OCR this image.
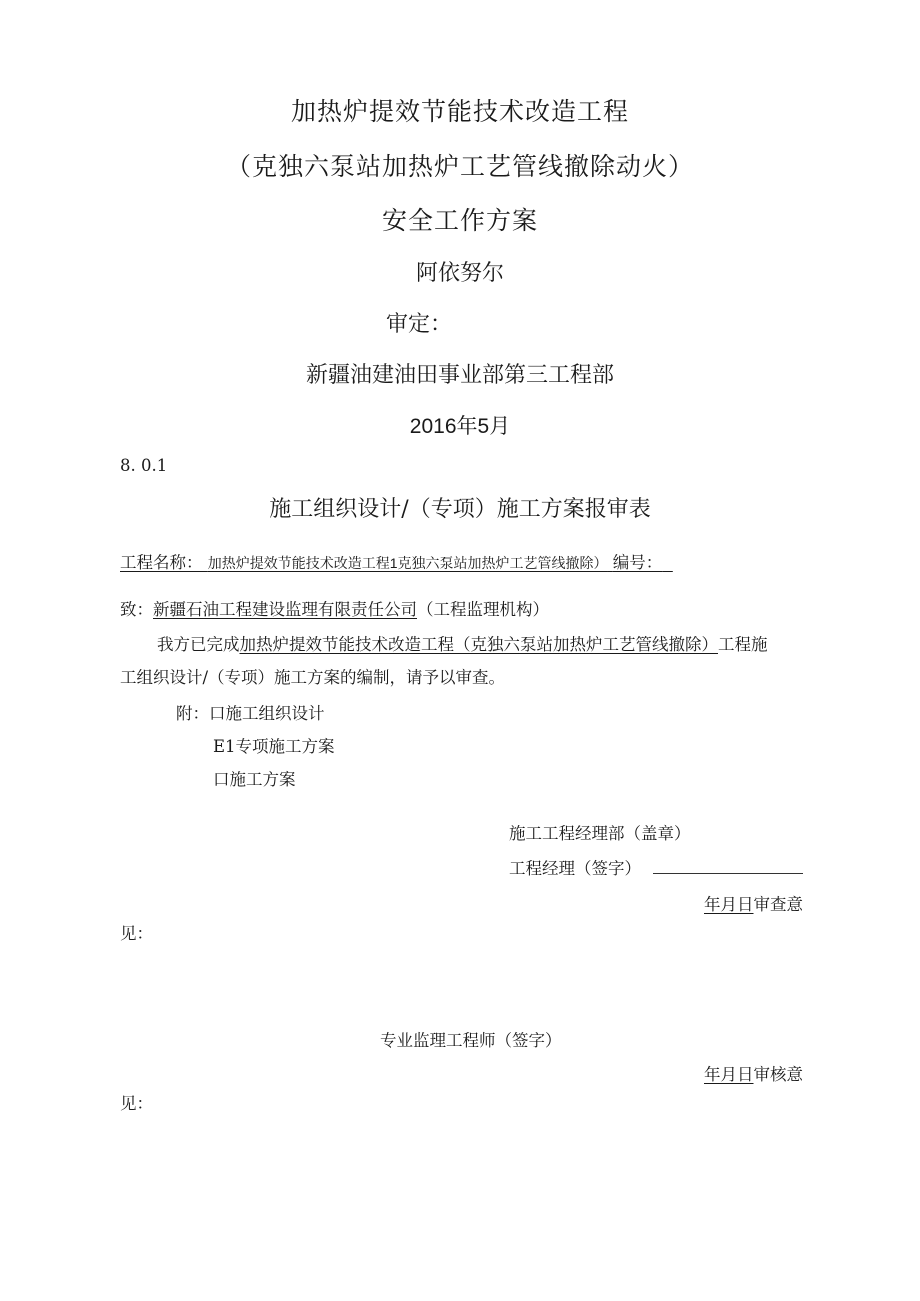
加热炉提效节能技术改造工程
（克独六泵站加热炉工艺管线撤除动火）
安全工作方案
阿依努尔
审定：
新疆油建油田事业部第三工程部
2016年5月
8. 0.1
施工组织设计/（专项）施工方案报审表
工程名称： 加热炉提效节能技术改造工程1克独六泵站加热炉工艺管线撤除） 编号：
致：新疆石油工程建设监理有限责任公司（工程监理机构）
我方已完成加热炉提效节能技术改造工程（克独六泵站加热炉工艺管线撤除）工程施
工组织设计/（专项）施工方案的编制，请予以审查。
附：口施工组织设计
E1专项施工方案
口施工方案
施工工程经理部（盖章）
工程经理（签字）
年月日审查意
见：
专业监理工程师（签字）
年月日审核意
见：
